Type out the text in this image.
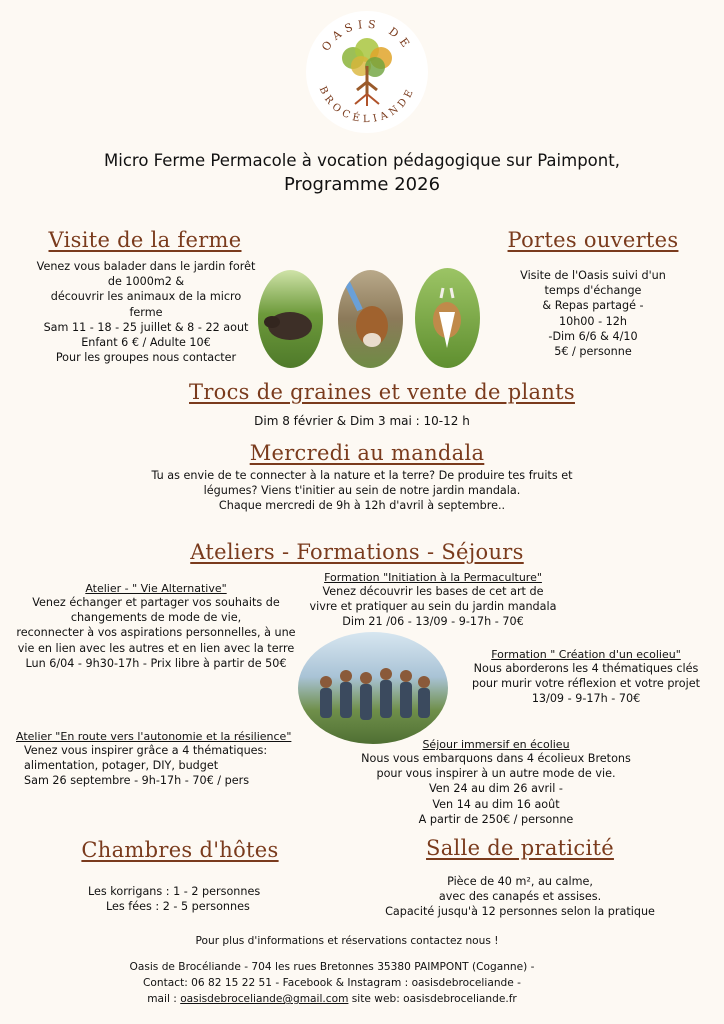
OASIS DE
BROCÉLIANDE
Micro Ferme Permacole à vocation pédagogique sur Paimpont,
Programme 2026
Visite de la ferme
Venez vous balader dans le jardin forêt
de 1000m2 &
découvrir les animaux de la micro
ferme
Sam 11 - 18 - 25 juillet & 8 - 22 aout
Enfant 6 € / Adulte 10€
Pour les groupes nous contacter
Portes ouvertes
Visite de l'Oasis suivi d'un
temps d'échange
& Repas partagé -
10h00 - 12h
-Dim 6/6 & 4/10
5€ / personne
Trocs de graines et vente de plants
Dim 8 février & Dim 3 mai : 10-12 h
Mercredi au mandala
Tu as envie de te connecter à la nature et la terre? De produire tes fruits et
légumes? Viens t'initier au sein de notre jardin mandala.
Chaque mercredi de 9h à 12h d'avril à septembre..
Ateliers - Formations - Séjours
Atelier - " Vie Alternative"
Venez échanger et partager vos souhaits de
changements de mode de vie,
reconnecter à vos aspirations personnelles, à une
vie en lien avec les autres et en lien avec la terre
Lun 6/04 - 9h30-17h - Prix libre à partir de 50€
Formation "Initiation à la Permaculture"
Venez découvrir les bases de cet art de
vivre et pratiquer au sein du jardin mandala
Dim 21 /06 - 13/09 - 9-17h - 70€
Formation " Création d'un ecolieu"
Nous aborderons les 4 thématiques clés
pour murir votre réflexion et votre projet
13/09 - 9-17h - 70€
Atelier "En route vers l'autonomie et la résilience"
Venez vous inspirer grâce a 4 thématiques:
alimentation, potager, DIY, budget
Sam 26 septembre - 9h-17h - 70€ / pers
Séjour immersif en écolieu
Nous vous embarquons dans 4 écolieux Bretons
pour vous inspirer à un autre mode de vie.
Ven 24 au dim 26 avril -
Ven 14 au dim 16 août
A partir de 250€ / personne
Chambres d'hôtes
Les korrigans : 1 - 2 personnes
Les fées : 2 - 5 personnes
Salle de praticité
Pièce de 40 m², au calme,
avec des canapés et assises.
Capacité jusqu'à 12 personnes selon la pratique
Pour plus d'informations et réservations contactez nous !
Oasis de Brocéliande - 704 les rues Bretonnes 35380 PAIMPONT (Coganne) -
Contact: 06 82 15 22 51 - Facebook & Instagram : oasisdebroceliande -
mail : oasisdebroceliande@gmail.com site web: oasisdebroceliande.fr
